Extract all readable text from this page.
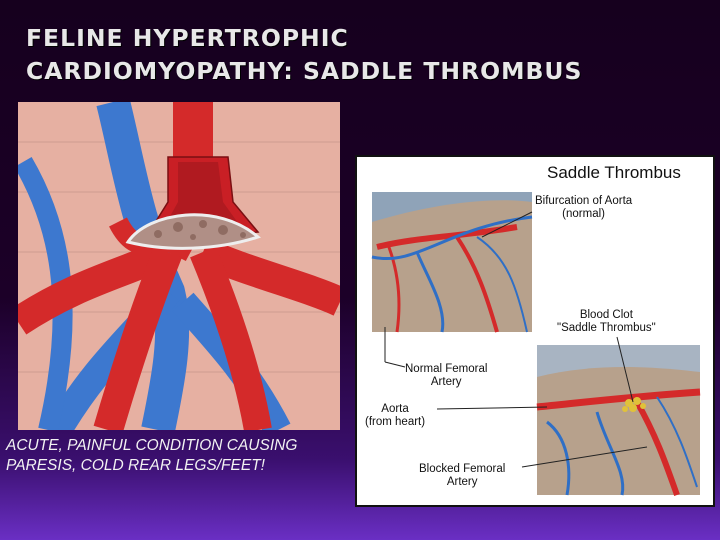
FELINE HYPERTROPHIC
CARDIOMYOPATHY: SADDLE THROMBUS
ACUTE, PAINFUL CONDITION CAUSING
PARESIS, COLD REAR LEGS/FEET!
Saddle Thrombus
Bifurcation of Aorta
(normal)
Blood Clot
"Saddle Thrombus"
Normal Femoral
Artery
Aorta
(from heart)
Blocked Femoral
Artery
